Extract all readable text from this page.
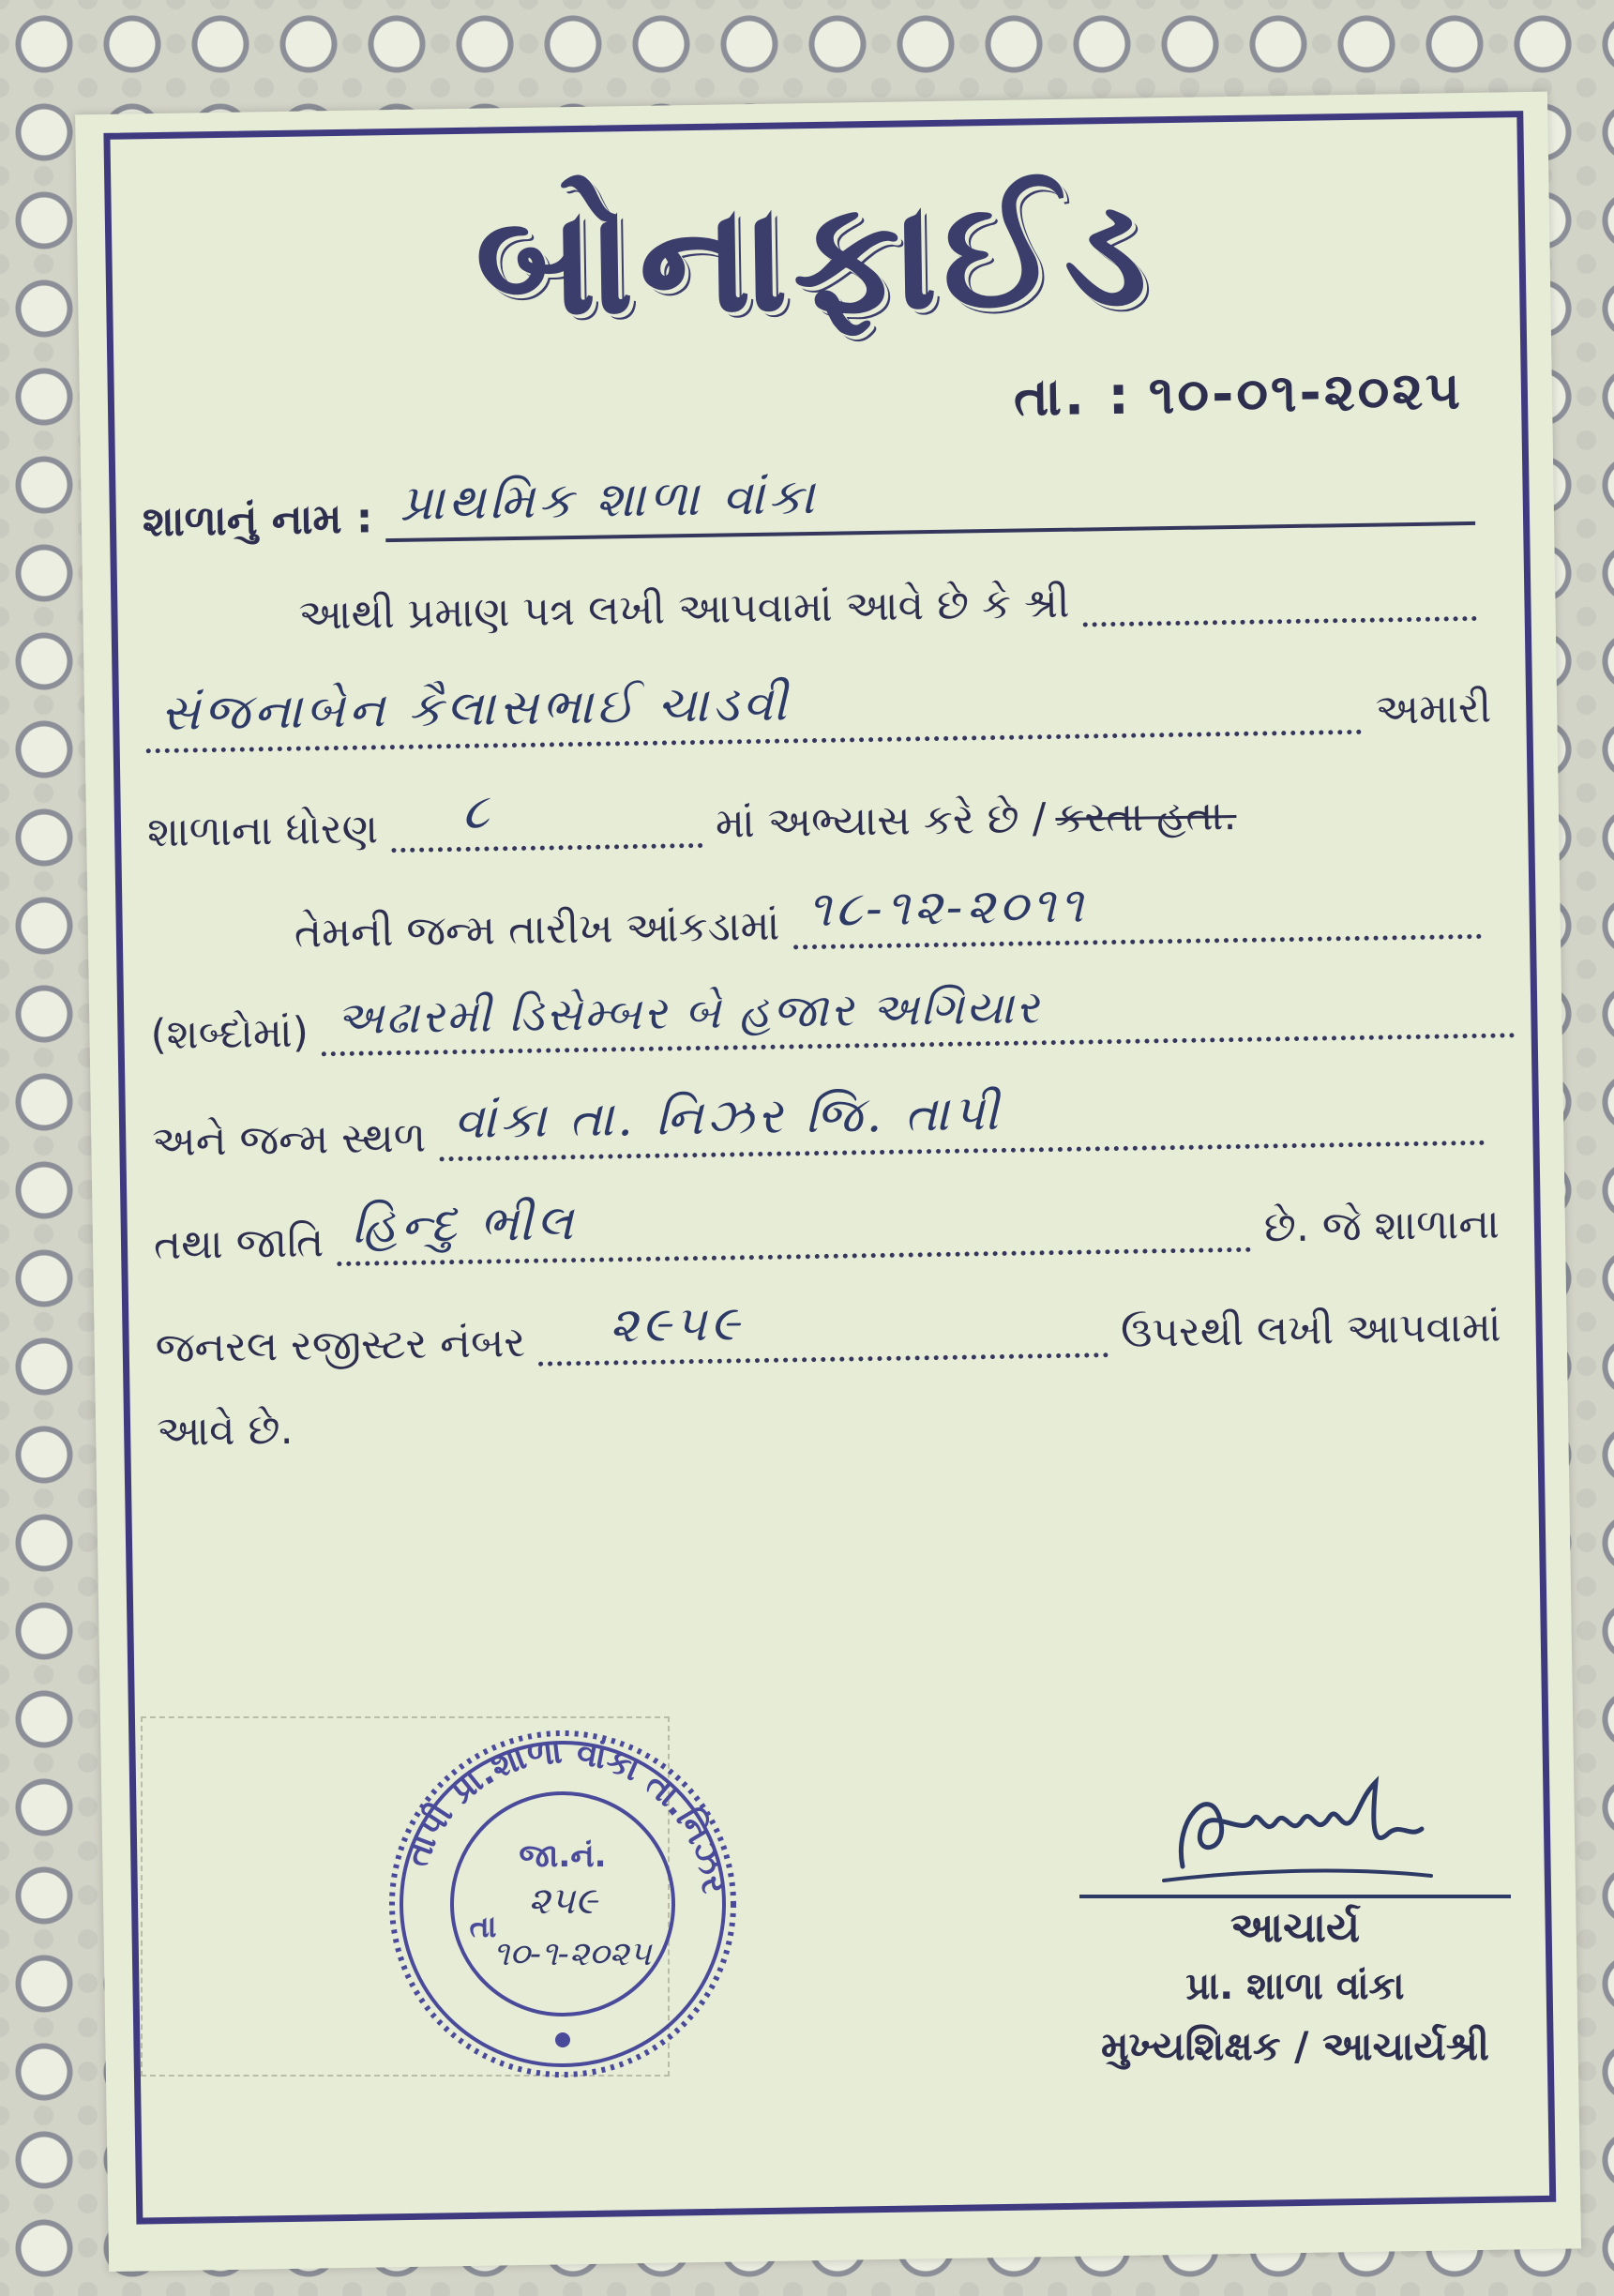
બોનાફાઈડ
તા. : ૧૦-૦૧-૨૦૨૫
શાળાનું નામ : પ્રાથમિક શાળા વાંકા
આથી પ્રમાણ પત્ર લખી આપવામાં આવે છે કે શ્રી
સંજનાબેન કૈલાસભાઈ ચાડવી	અમારી
શાળાના ધોરણ ૮	માં અભ્યાસ કરે છે / કરતા હતા.
તેમની જન્મ તારીખ આંકડામાં ૧૮-૧૨-૨૦૧૧
(શબ્દોમાં) અઢારમી ડિસેમ્બર બે હજાર અગિયાર
અને જન્મ સ્થળ વાંકા તા. નિઝર જિ. તાપી
તથા જાતિ હિન્દુ ભીલ	છે. જે શાળાના
જનરલ રજીસ્ટર નંબર ૨૯૫૯	ઉપરથી લખી આપવામાં
આવે છે.
તાપી પ્રા.શાળા વાંકા તા.નિઝર
જા.નં.
૨૫૯
તા
૧૦-૧-૨૦૨૫
આચાર્ય
પ્રા. શાળા વાંકા
મુખ્યશિક્ષક / આચાર્યશ્રી
